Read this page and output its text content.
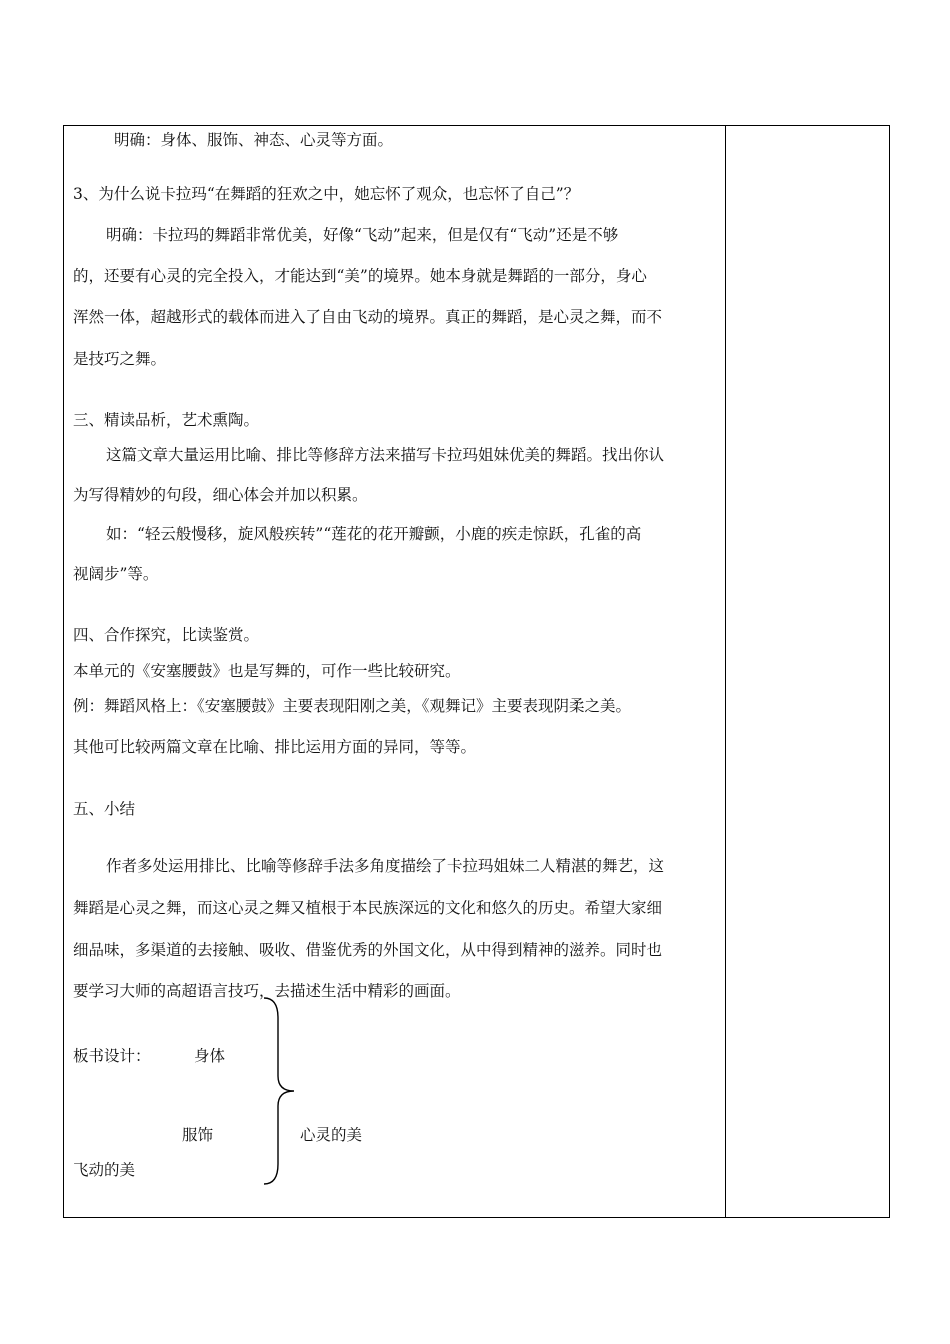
明确：身体、服饰、神态、心灵等方面。
3、为什么说卡拉玛“在舞蹈的狂欢之中，她忘怀了观众，也忘怀了自己”？
明确：卡拉玛的舞蹈非常优美，好像“飞动”起来，但是仅有“飞动”还是不够
的，还要有心灵的完全投入，才能达到“美”的境界。她本身就是舞蹈的一部分，身心
浑然一体，超越形式的载体而进入了自由飞动的境界。真正的舞蹈，是心灵之舞，而不
是技巧之舞。
三、精读品析，艺术熏陶。
这篇文章大量运用比喻、排比等修辞方法来描写卡拉玛姐妹优美的舞蹈。找出你认
为写得精妙的句段，细心体会并加以积累。
如：“轻云般慢移，旋风般疾转”“莲花的花开瓣颤，小鹿的疾走惊跃，孔雀的高
视阔步”等。
四、合作探究，比读鉴赏。
本单元的《安塞腰鼓》也是写舞的，可作一些比较研究。
例：舞蹈风格上：《安塞腰鼓》主要表现阳刚之美，《观舞记》主要表现阴柔之美。
其他可比较两篇文章在比喻、排比运用方面的异同，等等。
五、小结
作者多处运用排比、比喻等修辞手法多角度描绘了卡拉玛姐妹二人精湛的舞艺，这
舞蹈是心灵之舞，而这心灵之舞又植根于本民族深远的文化和悠久的历史。希望大家细
细品味，多渠道的去接触、吸收、借鉴优秀的外国文化，从中得到精神的滋养。同时也
要学习大师的高超语言技巧，去描述生活中精彩的画面。
板书设计：	身体
服饰
飞动的美
心灵的美
